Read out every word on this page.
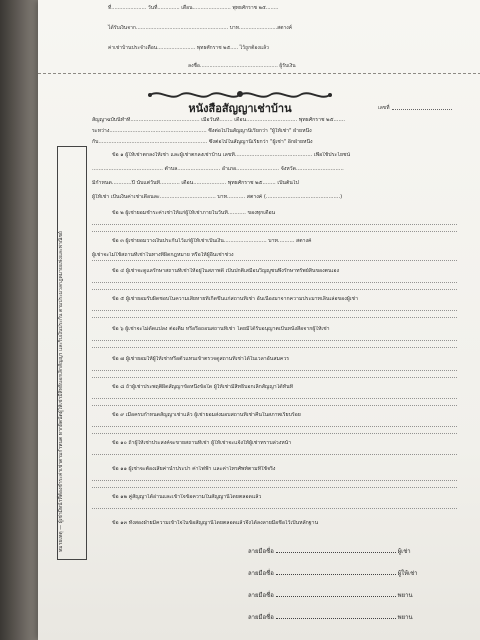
ที่...................... วันที่.............. เดือน........................ พุทธศักราช ๒๕........
ได้รับเงินจาก.......................................................... บาท........................สตางค์
ค่าเช่าบ้านประจำเดือน........................ พุทธศักราช ๒๕..... ไว้ถูกต้องแล้ว
ลงชื่อ................................................. ผู้รับเงิน
หนังสือสัญญาเช่าบ้าน	เลขที่
หมายเหตุ — ผู้เช่ามีหน้าที่ต้องชำระค่าเช่าตามกำหนด หากผิดนัดผู้ให้เช่ามีสิทธิบอกเลิกสัญญา และริบเงินประกัน ตามประมวลกฎหมายแพ่งและพาณิชย์
สัญญาฉบับนี้ทำที่.......................................... เมื่อวันที่........ เดือน............................... พุทธศักราช ๒๕.......
ระหว่าง........................................................... ซึ่งต่อไปในสัญญานี้เรียกว่า "ผู้ให้เช่า" ฝ่ายหนึ่ง
กับ.................................................................. ซึ่งต่อไปในสัญญานี้เรียกว่า "ผู้เช่า" อีกฝ่ายหนึ่ง
ข้อ ๑ ผู้ให้เช่าตกลงให้เช่า และผู้เช่าตกลงเช่าบ้าน เลขที่............................................... เพื่อใช้ประโยชน์
........................................... ตำบล.......................... อำเภอ.......................... จังหวัด.............................
มีกำหนด............ปี นับแต่วันที่............ เดือน.................... พุทธศักราช ๒๕........ เป็นต้นไป
ผู้ให้เช่า เป็นเงินค่าเช่าเดือนละ.................................. บาท........... สตางค์ (.............................................)
ข้อ ๒ ผู้เช่ายอมชำระค่าเช่าให้แก่ผู้ให้เช่าภายในวันที่........... ของทุกเดือน
ข้อ ๓ ผู้เช่ายอมวางเงินประกันไว้แก่ผู้ให้เช่าเป็นเงิน.......................... บาท.......... สตางค์
ผู้เช่าจะไม่ใช้สถานที่เช่าในทางที่ผิดกฎหมาย หรือให้ผู้อื่นเช่าช่วง
ข้อ ๔ ผู้เช่าจะดูแลรักษาสถานที่เช่าให้อยู่ในสภาพดี เป็นปกติเสมือนวิญญูชนพึงรักษาทรัพย์สินของตนเอง
ข้อ ๕ ผู้เช่ายอมรับผิดชอบในความเสียหายที่เกิดขึ้นแก่สถานที่เช่า อันเนื่องมาจากความประมาทเลินเล่อของผู้เช่า
ข้อ ๖ ผู้เช่าจะไม่ดัดแปลง ต่อเติม หรือรื้อถอนสถานที่เช่า โดยมิได้รับอนุญาตเป็นหนังสือจากผู้ให้เช่า
ข้อ ๗ ผู้เช่ายอมให้ผู้ให้เช่าหรือตัวแทนเข้าตรวจดูสถานที่เช่าได้ในเวลาอันสมควร
ข้อ ๘ ถ้าผู้เช่าประพฤติผิดสัญญาข้อหนึ่งข้อใด ผู้ให้เช่ามีสิทธิบอกเลิกสัญญาได้ทันที
ข้อ ๙ เมื่อครบกำหนดสัญญาเช่าแล้ว ผู้เช่ายอมส่งมอบสถานที่เช่าคืนในสภาพเรียบร้อย
ข้อ ๑๐ ถ้าผู้ให้เช่าประสงค์จะขายสถานที่เช่า ผู้ให้เช่าจะแจ้งให้ผู้เช่าทราบล่วงหน้า
ข้อ ๑๑ ผู้เช่าจะต้องเสียค่าน้ำประปา ค่าไฟฟ้า และค่าโทรศัพท์ตามที่ใช้จริง
ข้อ ๑๒ คู่สัญญาได้อ่านและเข้าใจข้อความในสัญญานี้โดยตลอดแล้ว
ข้อ ๑๓ ทั้งสองฝ่ายมีความเข้าใจในข้อสัญญานี้โดยตลอดแล้วจึงได้ลงลายมือชื่อไว้เป็นหลักฐาน
ลายมือชื่อ	ผู้เช่า
ลายมือชื่อ	ผู้ให้เช่า
ลายมือชื่อ	พยาน
ลายมือชื่อ	พยาน
